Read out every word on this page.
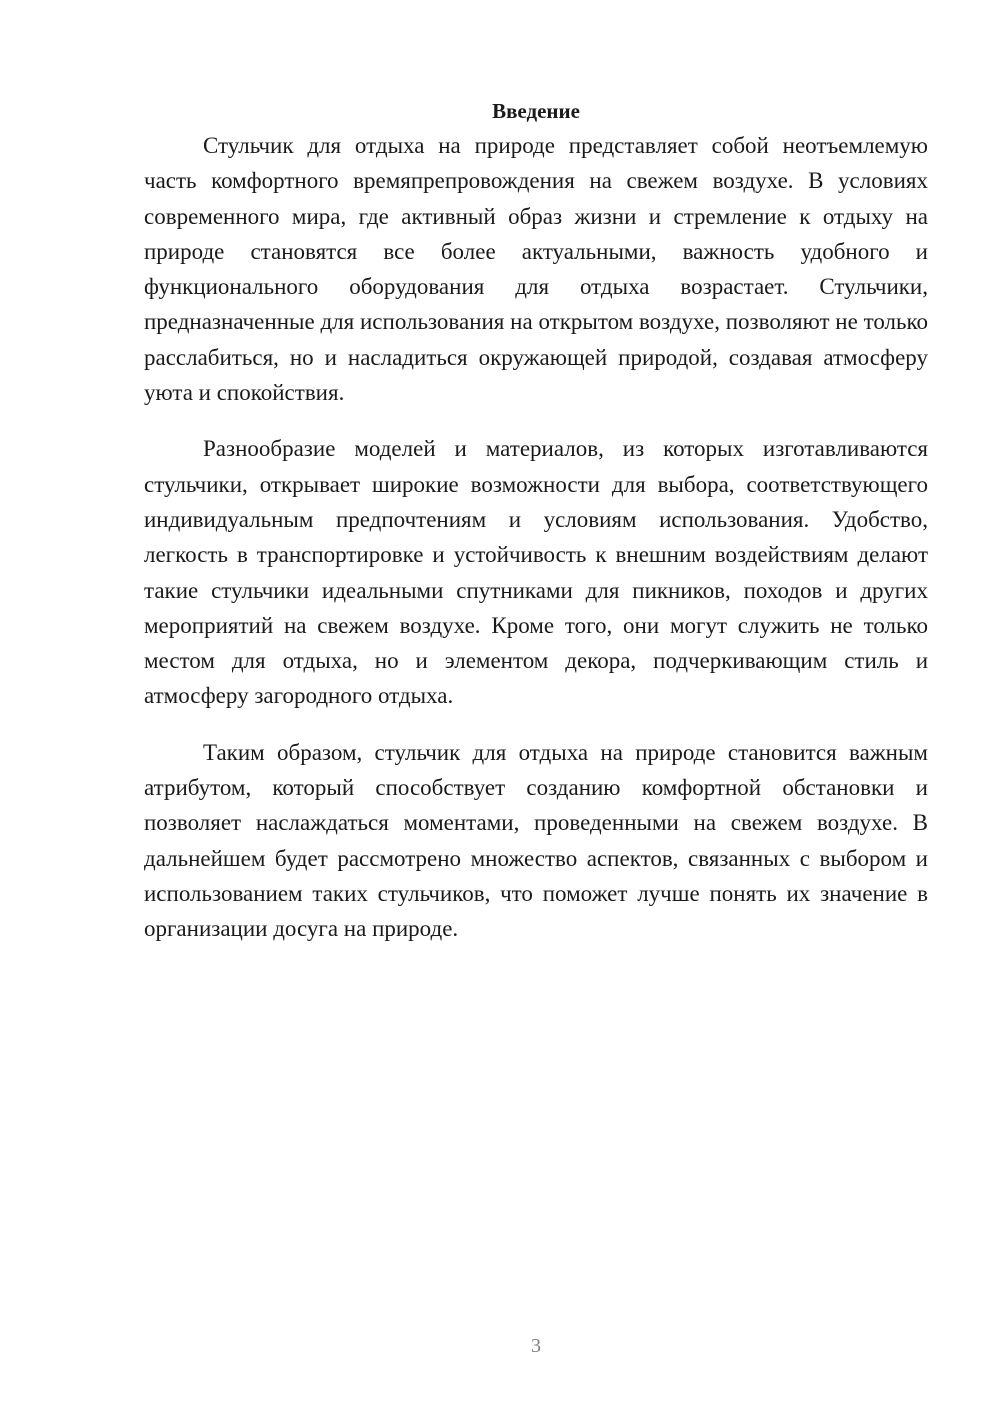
Введение

Стульчик для отдыха на природе представляет собой неотъемлемую часть комфортного времяпрепровождения на свежем воздухе. В условиях современного мира, где активный образ жизни и стремление к отдыху на природе становятся все более актуальными, важность удобного и функционального оборудования для отдыха возрастает. Стульчики, предназначенные для использования на открытом воздухе, позволяют не только расслабиться, но и насладиться окружающей природой, создавая атмосферу уюта и спокойствия.

Разнообразие моделей и материалов, из которых изготавливаются стульчики, открывает широкие возможности для выбора, соответствующего индивидуальным предпочтениям и условиям использования. Удобство, легкость в транспортировке и устойчивость к внешним воздействиям делают такие стульчики идеальными спутниками для пикников, походов и других мероприятий на свежем воздухе. Кроме того, они могут служить не только местом для отдыха, но и элементом декора, подчеркивающим стиль и атмосферу загородного отдыха.

Таким образом, стульчик для отдыха на природе становится важным атрибутом, который способствует созданию комфортной обстановки и позволяет наслаждаться моментами, проведенными на свежем воздухе. В дальнейшем будет рассмотрено множество аспектов, связанных с выбором и использованием таких стульчиков, что поможет лучше понять их значение в организации досуга на природе.

3
